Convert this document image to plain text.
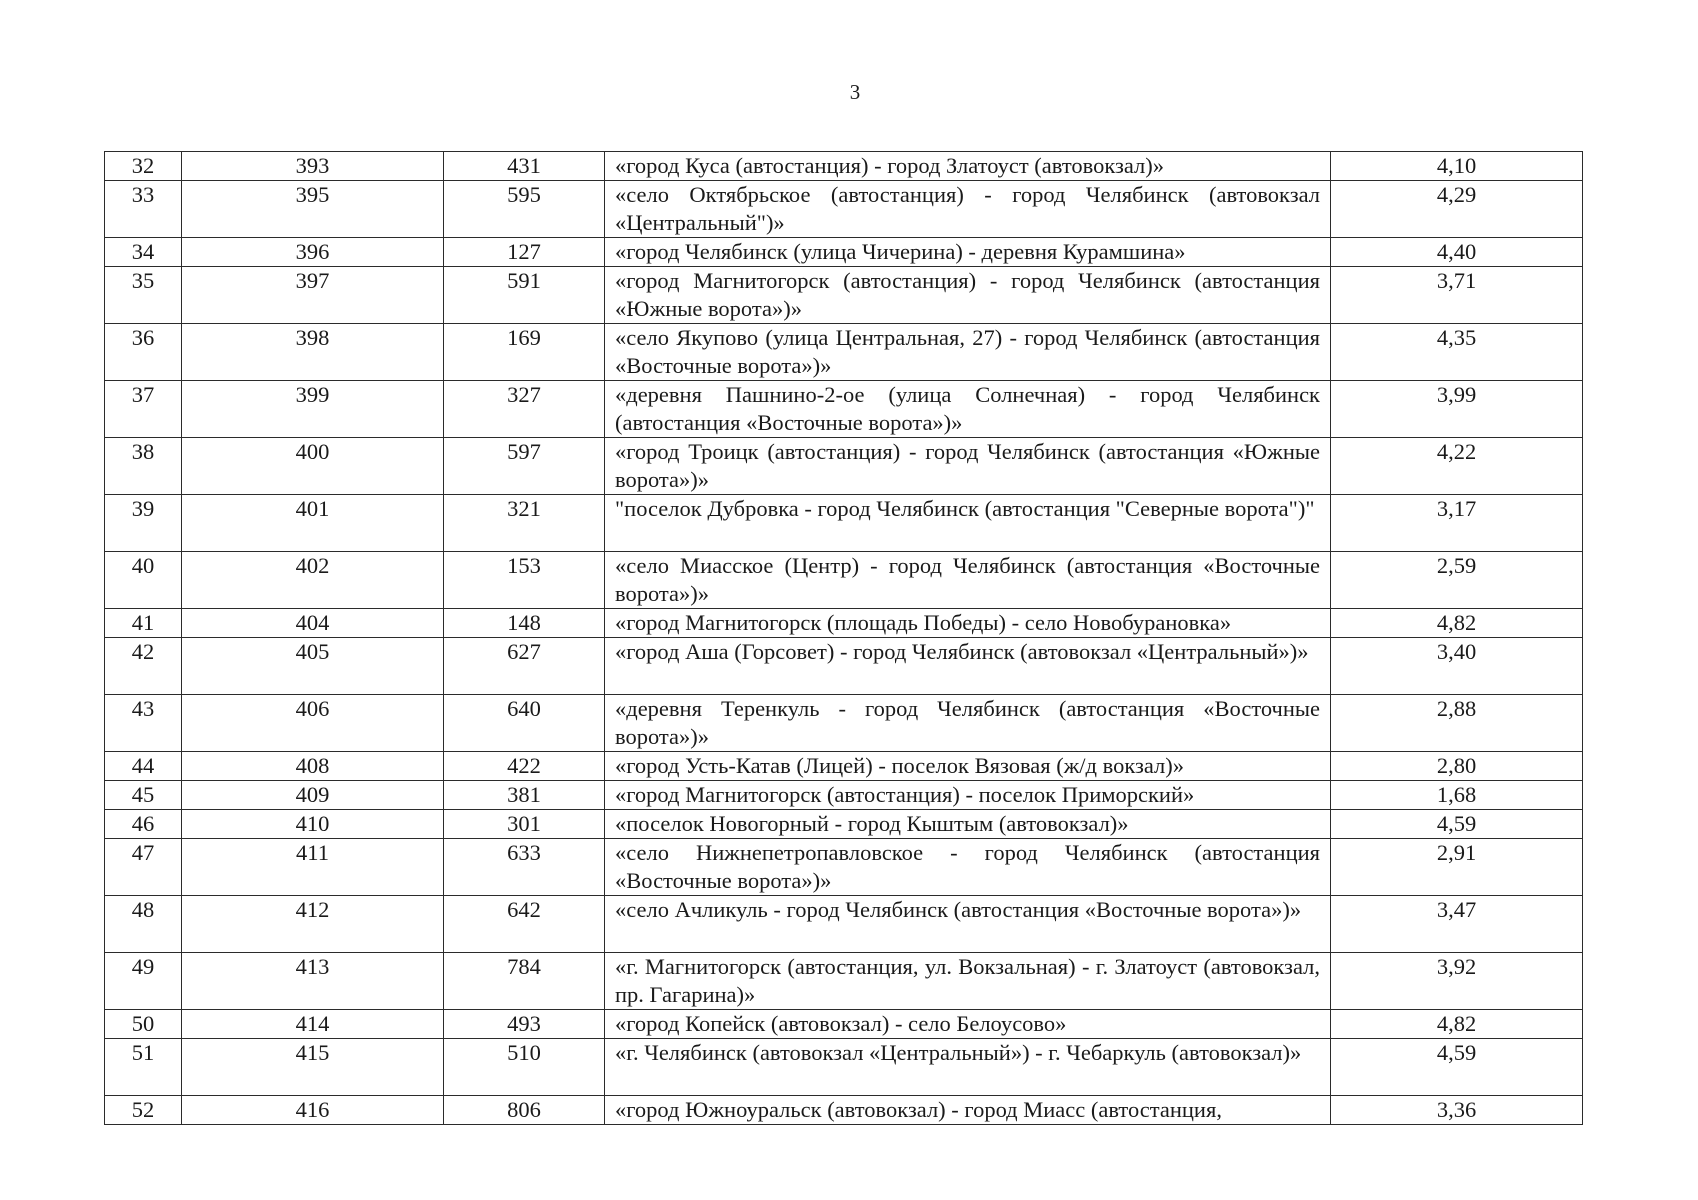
3
32	393	431	«город Куса (автостанция) - город Златоуст (автовокзал)»	4,10
33	395	595	«село Октябрьское (автостанция) - город Челябинск (автовокзал «Центральный")»	4,29
34	396	127	«город Челябинск (улица Чичерина) - деревня Курамшина»	4,40
35	397	591	«город Магнитогорск (автостанция) - город Челябинск (автостанция «Южные ворота»)»	3,71
36	398	169	«село Якупово (улица Центральная, 27) - город Челябинск (автостанция «Восточные ворота»)»	4,35
37	399	327	«деревня Пашнино-2-ое (улица Солнечная) - город Челябинск (автостанция «Восточные ворота»)»	3,99
38	400	597	«город Троицк (автостанция) - город Челябинск (автостанция «Южные ворота»)»	4,22
39	401	321	"поселок Дубровка - город Челябинск (автостанция "Северные ворота")"	3,17
40	402	153	«село Миасское (Центр) - город Челябинск (автостанция «Восточные ворота»)»	2,59
41	404	148	«город Магнитогорск (площадь Победы) - село Новобурановка»	4,82
42	405	627	«город Аша (Горсовет) - город Челябинск (автовокзал «Центральный»)»	3,40
43	406	640	«деревня Теренкуль - город Челябинск (автостанция «Восточные ворота»)»	2,88
44	408	422	«город Усть-Катав (Лицей) - поселок Вязовая (ж/д вокзал)»	2,80
45	409	381	«город Магнитогорск (автостанция) - поселок Приморский»	1,68
46	410	301	«поселок Новогорный - город Кыштым (автовокзал)»	4,59
47	411	633	«село Нижнепетропавловское - город Челябинск (автостанция «Восточные ворота»)»	2,91
48	412	642	«село Ачликуль - город Челябинск (автостанция «Восточные ворота»)»	3,47
49	413	784	«г. Магнитогорск (автостанция, ул. Вокзальная) - г. Златоуст (автовокзал, пр. Гагарина)»	3,92
50	414	493	«город Копейск (автовокзал) - село Белоусово»	4,82
51	415	510	«г. Челябинск (автовокзал «Центральный») - г. Чебаркуль (автовокзал)»	4,59
52	416	806	«город Южноуральск (автовокзал) - город Миасс (автостанция,	3,36
